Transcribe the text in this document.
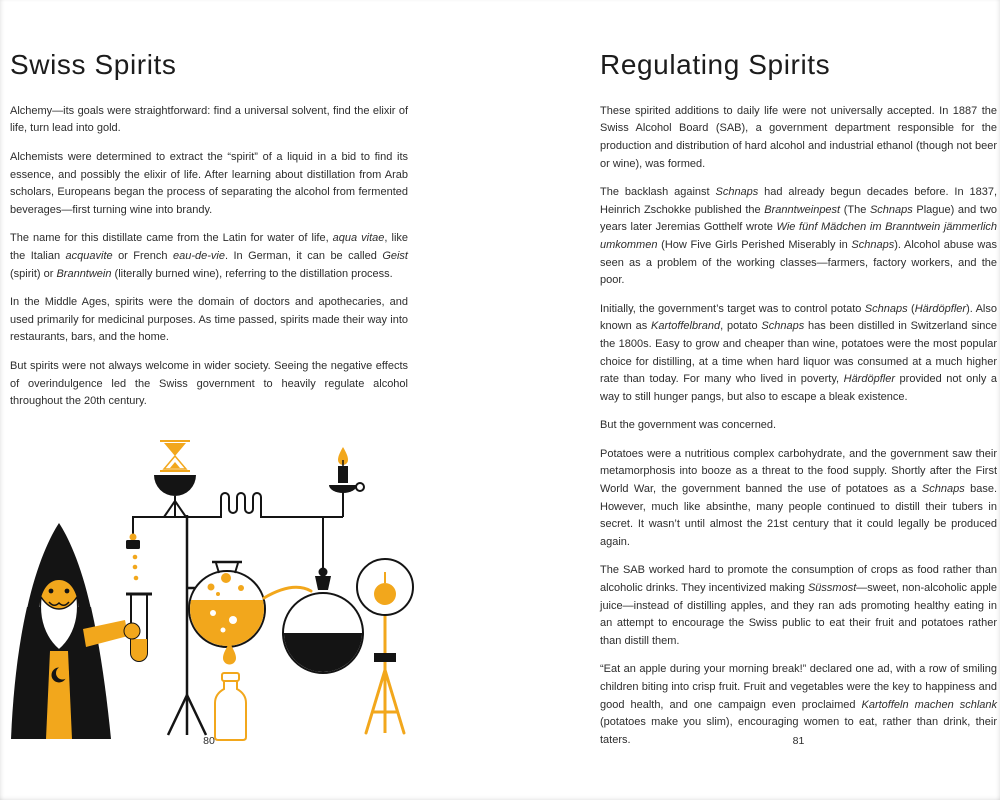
Swiss Spirits

Alchemy—its goals were straightforward: find a universal solvent, find the elixir of life, turn lead into gold.

Alchemists were determined to extract the “spirit” of a liquid in a bid to find its essence, and possibly the elixir of life. After learning about distillation from Arab scholars, Europeans began the process of separating the alcohol from fermented beverages—first turning wine into brandy.

The name for this distillate came from the Latin for water of life, aqua vitae, like the Italian acquavite or French eau-de-vie. In German, it can be called Geist (spirit) or Branntwein (literally burned wine), referring to the distillation process.

In the Middle Ages, spirits were the domain of doctors and apothecaries, and used primarily for medicinal purposes. As time passed, spirits made their way into restaurants, bars, and the home.

But spirits were not always welcome in wider society. Seeing the negative effects of overindulgence led the Swiss government to heavily regulate alcohol throughout the 20th century.

Regulating Spirits

These spirited additions to daily life were not universally accepted. In 1887 the Swiss Alcohol Board (SAB), a government department responsible for the production and distribution of hard alcohol and industrial ethanol (though not beer or wine), was formed.

The backlash against Schnaps had already begun decades before. In 1837, Heinrich Zschokke published the Branntweinpest (The Schnaps Plague) and two years later Jeremias Gotthelf wrote Wie fünf Mädchen im Branntwein jämmerlich umkommen (How Five Girls Perished Miserably in Schnaps). Alcohol abuse was seen as a problem of the working classes—farmers, factory workers, and the poor.

Initially, the government’s target was to control potato Schnaps (Härdöpfler). Also known as Kartoffelbrand, potato Schnaps has been distilled in Switzerland since the 1800s. Easy to grow and cheaper than wine, potatoes were the most popular choice for distilling, at a time when hard liquor was consumed at a much higher rate than today. For many who lived in poverty, Härdöpfler provided not only a way to still hunger pangs, but also to escape a bleak existence.

But the government was concerned.

Potatoes were a nutritious complex carbohydrate, and the government saw their metamorphosis into booze as a threat to the food supply. Shortly after the First World War, the government banned the use of potatoes as a Schnaps base. However, much like absinthe, many people continued to distill their tubers in secret. It wasn’t until almost the 21st century that it could legally be produced again.

The SAB worked hard to promote the consumption of crops as food rather than alcoholic drinks. They incentivized making Süssmost—sweet, non-alcoholic apple juice—instead of distilling apples, and they ran ads promoting healthy eating in an attempt to encourage the Swiss public to eat their fruit and potatoes rather than distill them.

“Eat an apple during your morning break!” declared one ad, with a row of smiling children biting into crisp fruit. Fruit and vegetables were the key to happiness and good health, and one campaign even proclaimed Kartoffeln machen schlank (potatoes make you slim), encouraging women to eat, rather than drink, their taters.

80	81
